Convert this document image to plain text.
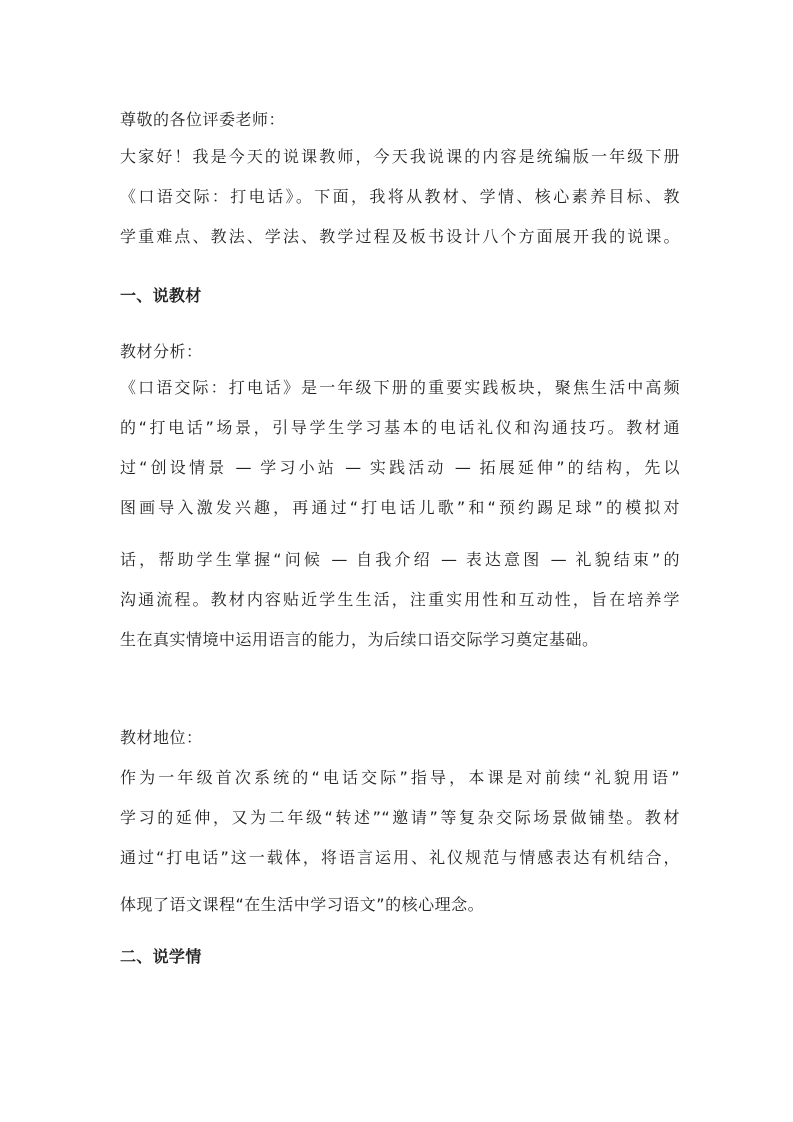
尊敬的各位评委老师：
大家好！我是今天的说课教师，今天我说课的内容是统编版一年级下册
《口语交际：打电话》。下面，我将从教材、学情、核心素养目标、教
学重难点、教法、学法、教学过程及板书设计八个方面展开我的说课。
一、说教材
教材分析：
《口语交际：打电话》是一年级下册的重要实践板块，聚焦生活中高频
的“打电话”场景，引导学生学习基本的电话礼仪和沟通技巧。教材通
过“创设情景 — 学习小站 — 实践活动 — 拓展延伸”的结构，先以
图画导入激发兴趣，再通过“打电话儿歌”和“预约踢足球”的模拟对
话，帮助学生掌握“问候 — 自我介绍 — 表达意图 — 礼貌结束”的
沟通流程。教材内容贴近学生生活，注重实用性和互动性，旨在培养学
生在真实情境中运用语言的能力，为后续口语交际学习奠定基础。
教材地位：
作为一年级首次系统的“电话交际”指导，本课是对前续“礼貌用语”
学习的延伸，又为二年级“转述”“邀请”等复杂交际场景做铺垫。教材
通过“打电话”这一载体，将语言运用、礼仪规范与情感表达有机结合，
体现了语文课程“在生活中学习语文”的核心理念。
二、说学情
